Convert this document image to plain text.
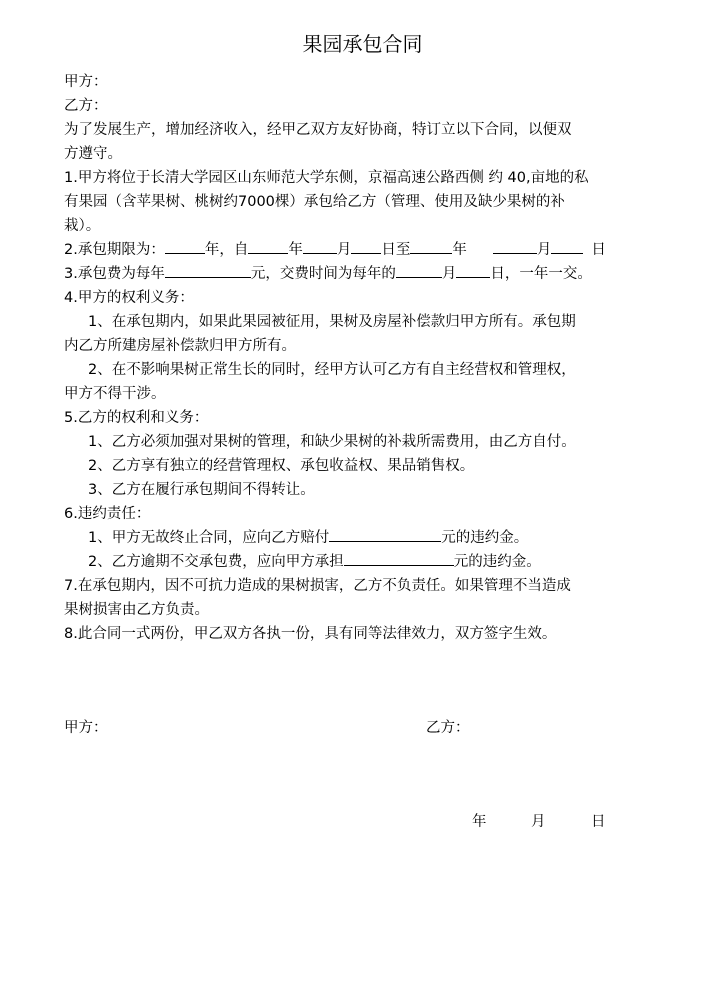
果园承包合同
甲方：
乙方：
为了发展生产，增加经济收入，经甲乙双方友好协商，特订立以下合同，以便双
方遵守。
1.甲方将位于长清大学园区山东师范大学东侧，京福高速公路西侧 约 40,亩地的私
有果园（含苹果树、桃树约7000棵）承包给乙方（管理、使用及缺少果树的补
栽）。
2.承包期限为：	年，自	年 月 日至	年	月	日
3.承包费为每年	元，交费时间为每年的	月 日，一年一交。
4.甲方的权利义务：
1、在承包期内，如果此果园被征用，果树及房屋补偿款归甲方所有。承包期
内乙方所建房屋补偿款归甲方所有。
2、在不影响果树正常生长的同时，经甲方认可乙方有自主经营权和管理权，
甲方不得干涉。
5.乙方的权利和义务：
1、乙方必须加强对果树的管理，和缺少果树的补栽所需费用，由乙方自付。
2、乙方享有独立的经营管理权、承包收益权、果品销售权。
3、乙方在履行承包期间不得转让。
6.违约责任：
1、甲方无故终止合同，应向乙方赔付	元的违约金。
2、乙方逾期不交承包费，应向甲方承担	元的违约金。
7.在承包期内，因不可抗力造成的果树损害，乙方不负责任。如果管理不当造成
果树损害由乙方负责。
8.此合同一式两份，甲乙双方各执一份，具有同等法律效力，双方签字生效。
甲方：	乙方：
年	月	日
